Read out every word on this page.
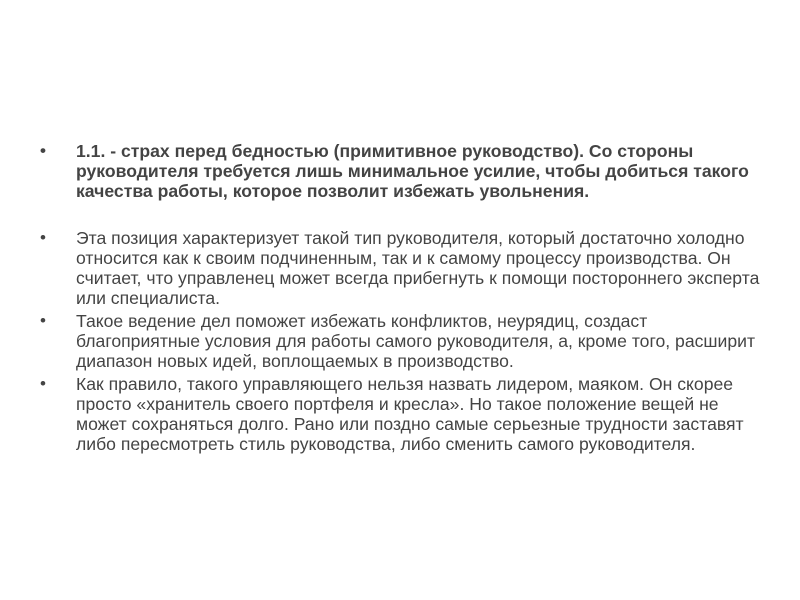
• 1.1. - страх перед бедностью (примитивное руководство). Со стороны руководителя требуется лишь минимальное усилие, чтобы добиться такого качества работы, которое позволит избежать увольнения.
• Эта позиция характеризует такой тип руководителя, который достаточно холодно относится как к своим подчиненным, так и к самому процессу производства. Он считает, что управленец может всегда прибегнуть к помощи постороннего эксперта или специалиста.
• Такое ведение дел поможет избежать конфликтов, неурядиц, создаст благоприятные условия для работы самого руководителя, а, кроме того, расширит диапазон новых идей, воплощаемых в производство.
• Как правило, такого управляющего нельзя назвать лидером, маяком. Он скорее просто «хранитель своего портфеля и кресла». Но такое положение вещей не может сохраняться долго. Рано или поздно самые серьезные трудности заставят либо пересмотреть стиль руководства, либо сменить самого руководителя.
